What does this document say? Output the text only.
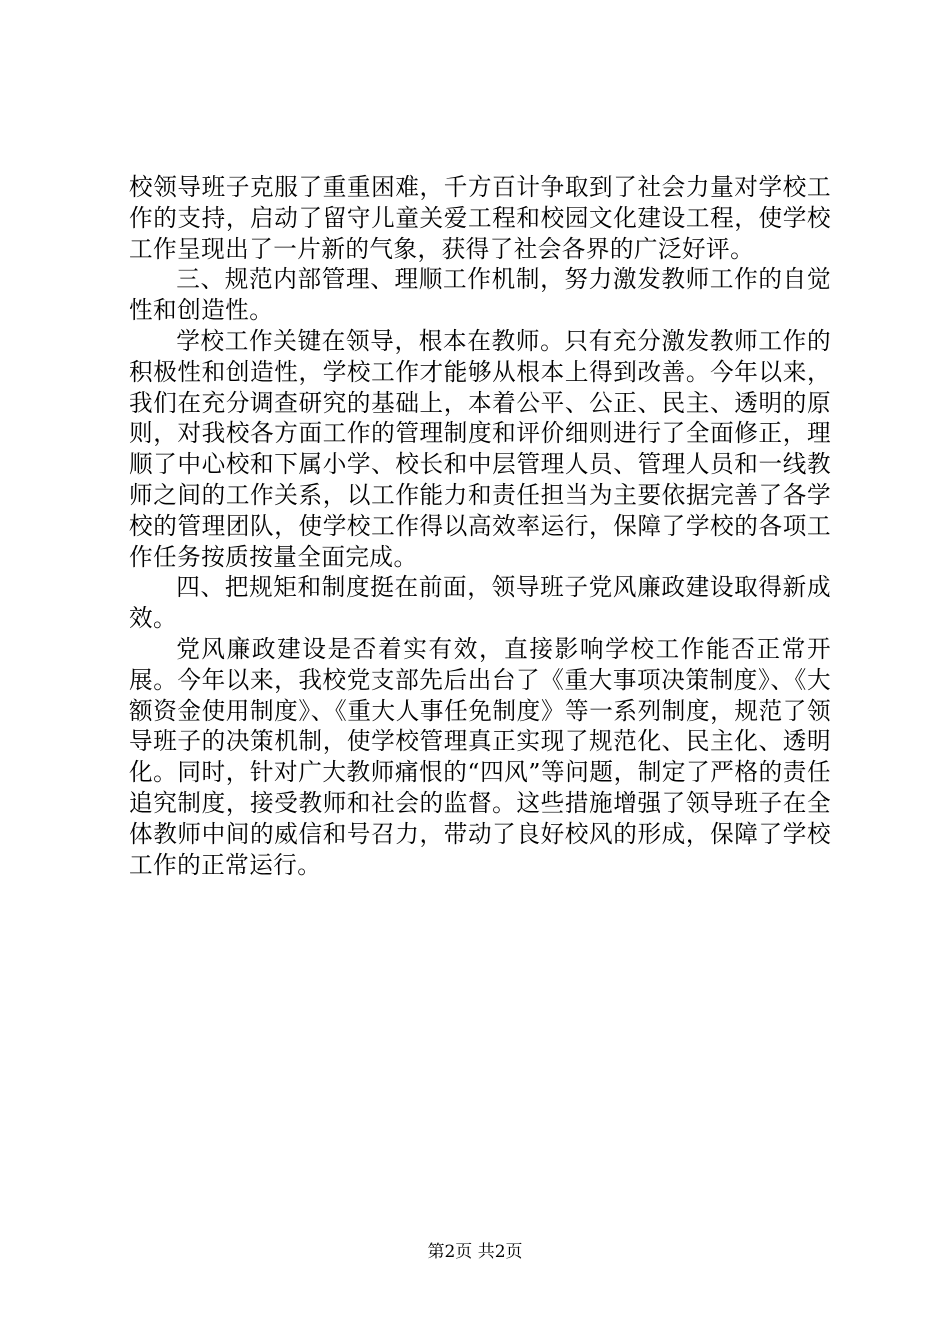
校领导班子克服了重重困难，千方百计争取到了社会力量对学校工作的支持，启动了留守儿童关爱工程和校园文化建设工程，使学校工作呈现出了一片新的气象，获得了社会各界的广泛好评。

三、规范内部管理、理顺工作机制，努力激发教师工作的自觉性和创造性。

学校工作关键在领导，根本在教师。只有充分激发教师工作的积极性和创造性，学校工作才能够从根本上得到改善。今年以来，我们在充分调查研究的基础上，本着公平、公正、民主、透明的原则，对我校各方面工作的管理制度和评价细则进行了全面修正，理顺了中心校和下属小学、校长和中层管理人员、管理人员和一线教师之间的工作关系，以工作能力和责任担当为主要依据完善了各学校的管理团队，使学校工作得以高效率运行，保障了学校的各项工作任务按质按量全面完成。

四、把规矩和制度挺在前面，领导班子党风廉政建设取得新成效。

党风廉政建设是否着实有效，直接影响学校工作能否正常开展。今年以来，我校党支部先后出台了《重大事项决策制度》、《大额资金使用制度》、《重大人事任免制度》等一系列制度，规范了领导班子的决策机制，使学校管理真正实现了规范化、民主化、透明化。同时，针对广大教师痛恨的“四风”等问题，制定了严格的责任追究制度，接受教师和社会的监督。这些措施增强了领导班子在全体教师中间的威信和号召力，带动了良好校风的形成，保障了学校工作的正常运行。

第2页 共2页
